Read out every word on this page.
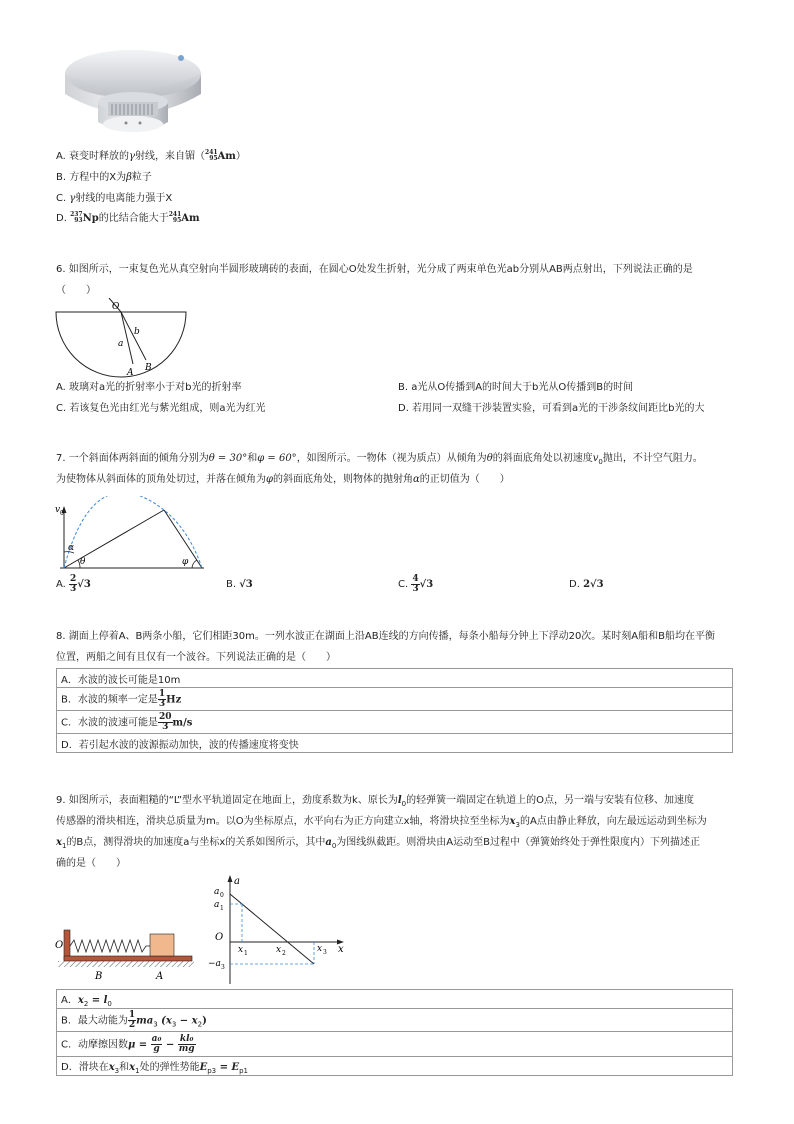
A. 衰变时释放的γ射线，来自镅（ 241
95 Am）
B. 方程中的X为β粒子
C. γ射线的电离能力强于X
D. 237
93 Np的比结合能大于 241
95 Am
6. 如图所示，一束复色光从真空射向半圆形玻璃砖的表面，在圆心O处发生折射，光分成了两束单色光ab分别从AB两点射出，下列说法正确的是
（　　）
O
a
b
A B
A. 玻璃对a光的折射率小于对b光的折射率	B. a光从O传播到A的时间大于b光从O传播到B的时间
C. 若该复色光由红光与紫光组成，则a光为红光	D. 若用同一双缝干涉装置实验，可看到a光的干涉条纹间距比b光的大
7. 一个斜面体两斜面的倾角分别为θ = 30°和φ = 60°，如图所示。一物体（视为质点）从倾角为θ的斜面底角处以初速度$v_0$抛出，不计空气阻力。
为使物体从斜面体的顶角处切过，并落在倾角为φ的斜面底角处，则物体的抛射角α的正切值为（　　）
v 0
α
θ	φ
A. $\frac{2}{3} √3$	B. √3	C. $\frac{4}{3} √3$	D. 2√3
8. 湖面上停着A、B两条小船，它们相距30m。一列水波正在湖面上沿AB连线的方向传播，每条小船每分钟上下浮动20次。某时刻A船和B船均在平衡
位置，两船之间有且仅有一个波谷。下列说法正确的是（　　）
A．水波的波长可能是10m
B．水波的频率一定是 $\frac{1}{3}$ Hz
C．水波的波速可能是 $\frac{20}{3} m/s$
D．若引起水波的波源振动加快，波的传播速度将变快
9. 如图所示，表面粗糙的“L”型水平轨道固定在地面上，劲度系数为k、原长为$l_0$的轻弹簧一端固定在轨道上的O点，另一端与安装有位移、加速度
传感器的滑块相连，滑块总质量为m。以O为坐标原点，水平向右为正方向建立x轴，将滑块拉至坐标为$x_3$的A点由静止释放，向左最远运动到坐标为
$x_1$的B点，测得滑块的加速度a与坐标x的关系如图所示，其中$a_0$为图线纵截距。则滑块由A运动至B过程中（弹簧始终处于弹性限度内）下列描述正
确的是（　　）
O
B	A
a
x
O
a 0
a 1
−a 3
x 1	x 2	x 3
A．$x_2 = l_0$
B．最大动能为 $\frac{1}{2} ma_3$ $(x_3 - x_2)$
C．动摩擦因数$\mu = \frac{\text{a₀}}{g} - \frac{\text{kl₀}}{mg}$

D．滑块在$x_3$和$x_1$处的弹性势能$E_{p3} = E_{p1}$
